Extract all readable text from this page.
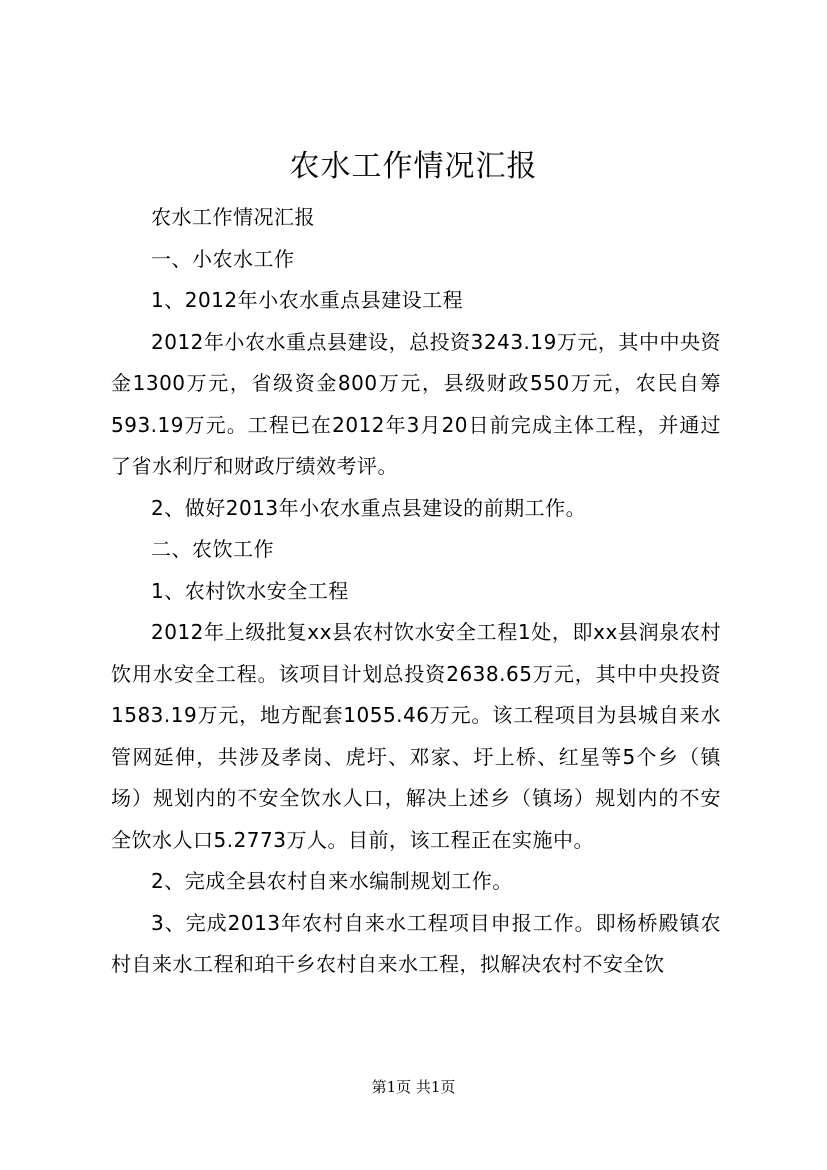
农水工作情况汇报

农水工作情况汇报

一、小农水工作

1、2012年小农水重点县建设工程

2012年小农水重点县建设，总投资3243.19万元，其中中央资金1300万元，省级资金800万元，县级财政550万元，农民自筹593.19万元。工程已在2012年3月20日前完成主体工程，并通过了省水利厅和财政厅绩效考评。

2、做好2013年小农水重点县建设的前期工作。

二、农饮工作

1、农村饮水安全工程

2012年上级批复xx县农村饮水安全工程1处，即xx县润泉农村饮用水安全工程。该项目计划总投资2638.65万元，其中中央投资1583.19万元，地方配套1055.46万元。该工程项目为县城自来水管网延伸，共涉及孝岗、虎圩、邓家、圩上桥、红星等5个乡（镇场）规划内的不安全饮水人口，解决上述乡（镇场）规划内的不安全饮水人口5.2773万人。目前，该工程正在实施中。

2、完成全县农村自来水编制规划工作。

3、完成2013年农村自来水工程项目申报工作。即杨桥殿镇农村自来水工程和珀干乡农村自来水工程，拟解决农村不安全饮

第1页 共1页
